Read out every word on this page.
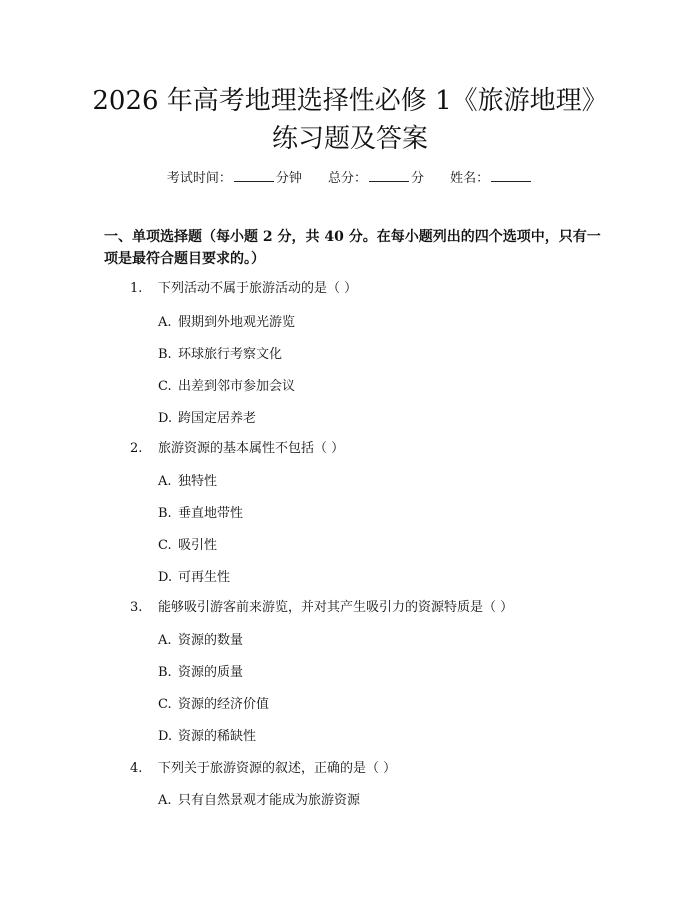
2026 年高考地理选择性必修 1《旅游地理》
练习题及答案
考试时间：	分钟 总分：	分 姓名：
一、单项选择题（每小题 2 分，共 40 分。在每小题列出的四个选项中，只有一项是最符合题目要求的。）
1. 下列活动不属于旅游活动的是（ ）
A. 假期到外地观光游览
B. 环球旅行考察文化
C. 出差到邻市参加会议
D. 跨国定居养老
2. 旅游资源的基本属性不包括（ ）
A. 独特性
B. 垂直地带性
C. 吸引性
D. 可再生性
3. 能够吸引游客前来游览，并对其产生吸引力的资源特质是（ ）
A. 资源的数量
B. 资源的质量
C. 资源的经济价值
D. 资源的稀缺性
4. 下列关于旅游资源的叙述，正确的是（ ）
A. 只有自然景观才能成为旅游资源
